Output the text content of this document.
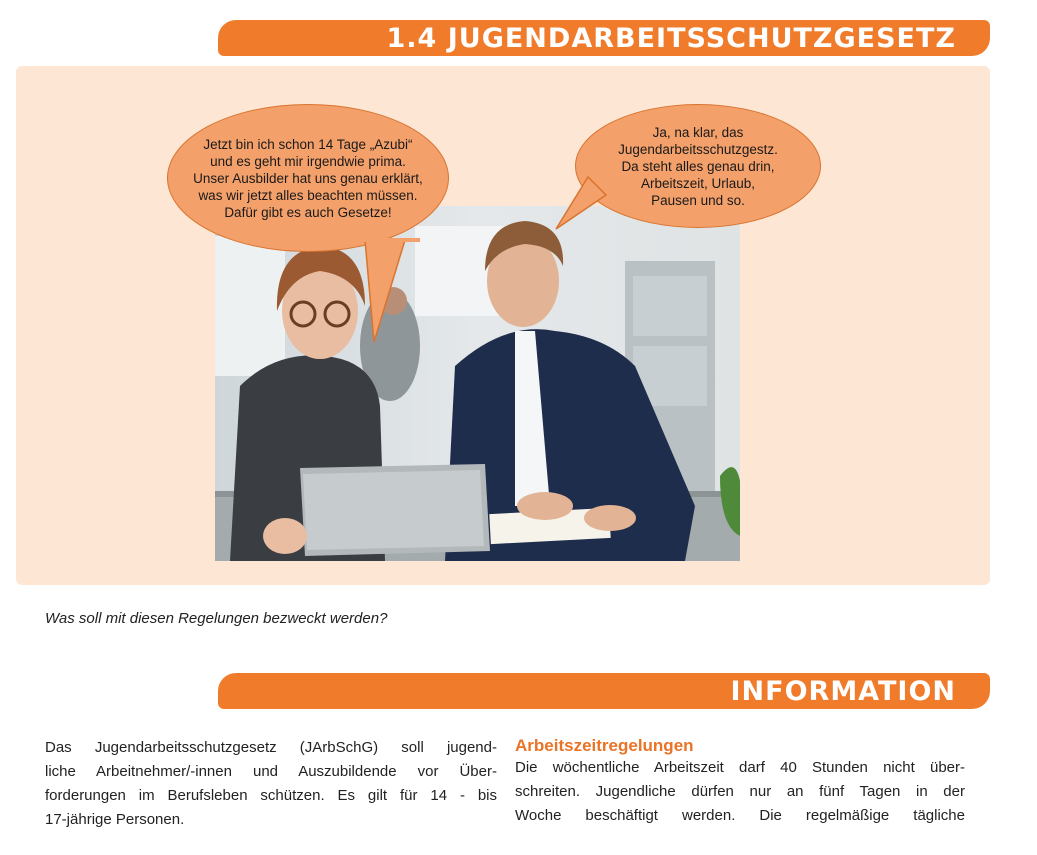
1.4 JUGENDARBEITSSCHUTZGESETZ
Jetzt bin ich schon 14 Tage „Azubi“
und es geht mir irgendwie prima.
Unser Ausbilder hat uns genau erklärt,
was wir jetzt alles beachten müssen.
Dafür gibt es auch Gesetze!
Ja, na klar, das
Jugendarbeitsschutzgestz.
Da steht alles genau drin,
Arbeitszeit, Urlaub,
Pausen und so.
Was soll mit diesen Regelungen bezweckt werden?
INFORMATION
Das Jugendarbeitsschutzgesetz (JArbSchG) soll jugend-
liche Arbeitnehmer/-innen und Auszubildende vor Über-
forderungen im Berufsleben schützen. Es gilt für 14 - bis
17-jährige Personen.
Arbeitszeitregelungen
Die wöchentliche Arbeitszeit darf 40 Stunden nicht über-
schreiten. Jugendliche dürfen nur an fünf Tagen in der
Woche beschäftigt werden. Die regelmäßige tägliche
